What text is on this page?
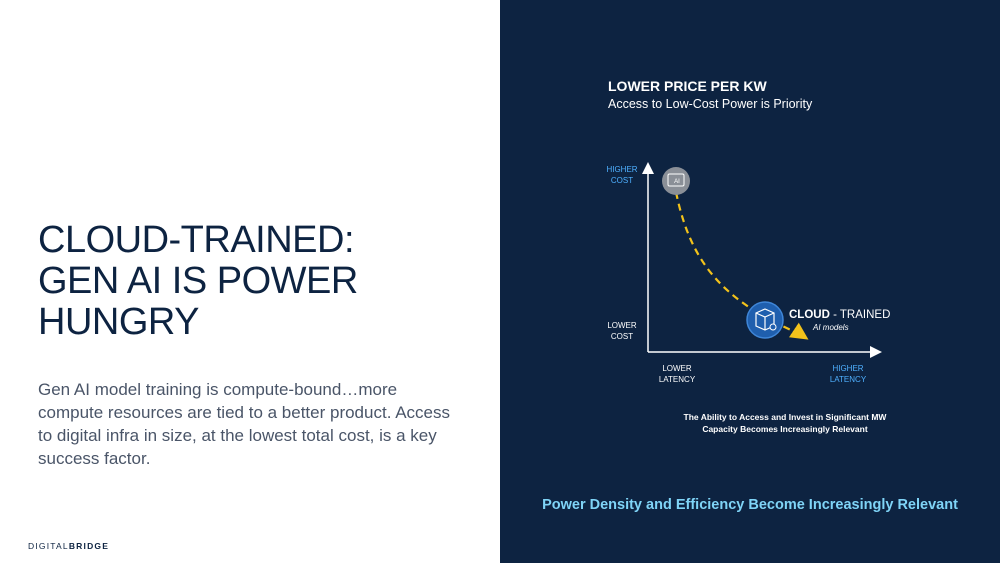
CLOUD-TRAINED:
GEN AI IS POWER
HUNGRY

Gen AI model training is compute-bound…more compute resources are tied to a better product. Access to digital infra in size, at the lowest total cost, is a key success factor.

DIGITALBRIDGE

LOWER PRICE PER KW

Access to Low-Cost Power is Priority

AI
HIGHER
COST
LOWER
COST
LOWER
LATENCY
HIGHER
LATENCY
CLOUD - TRAINED
AI models
The Ability to Access and Invest in Significant MW
Capacity Becomes Increasingly Relevant
Power Density and Efficiency Become Increasingly Relevant
